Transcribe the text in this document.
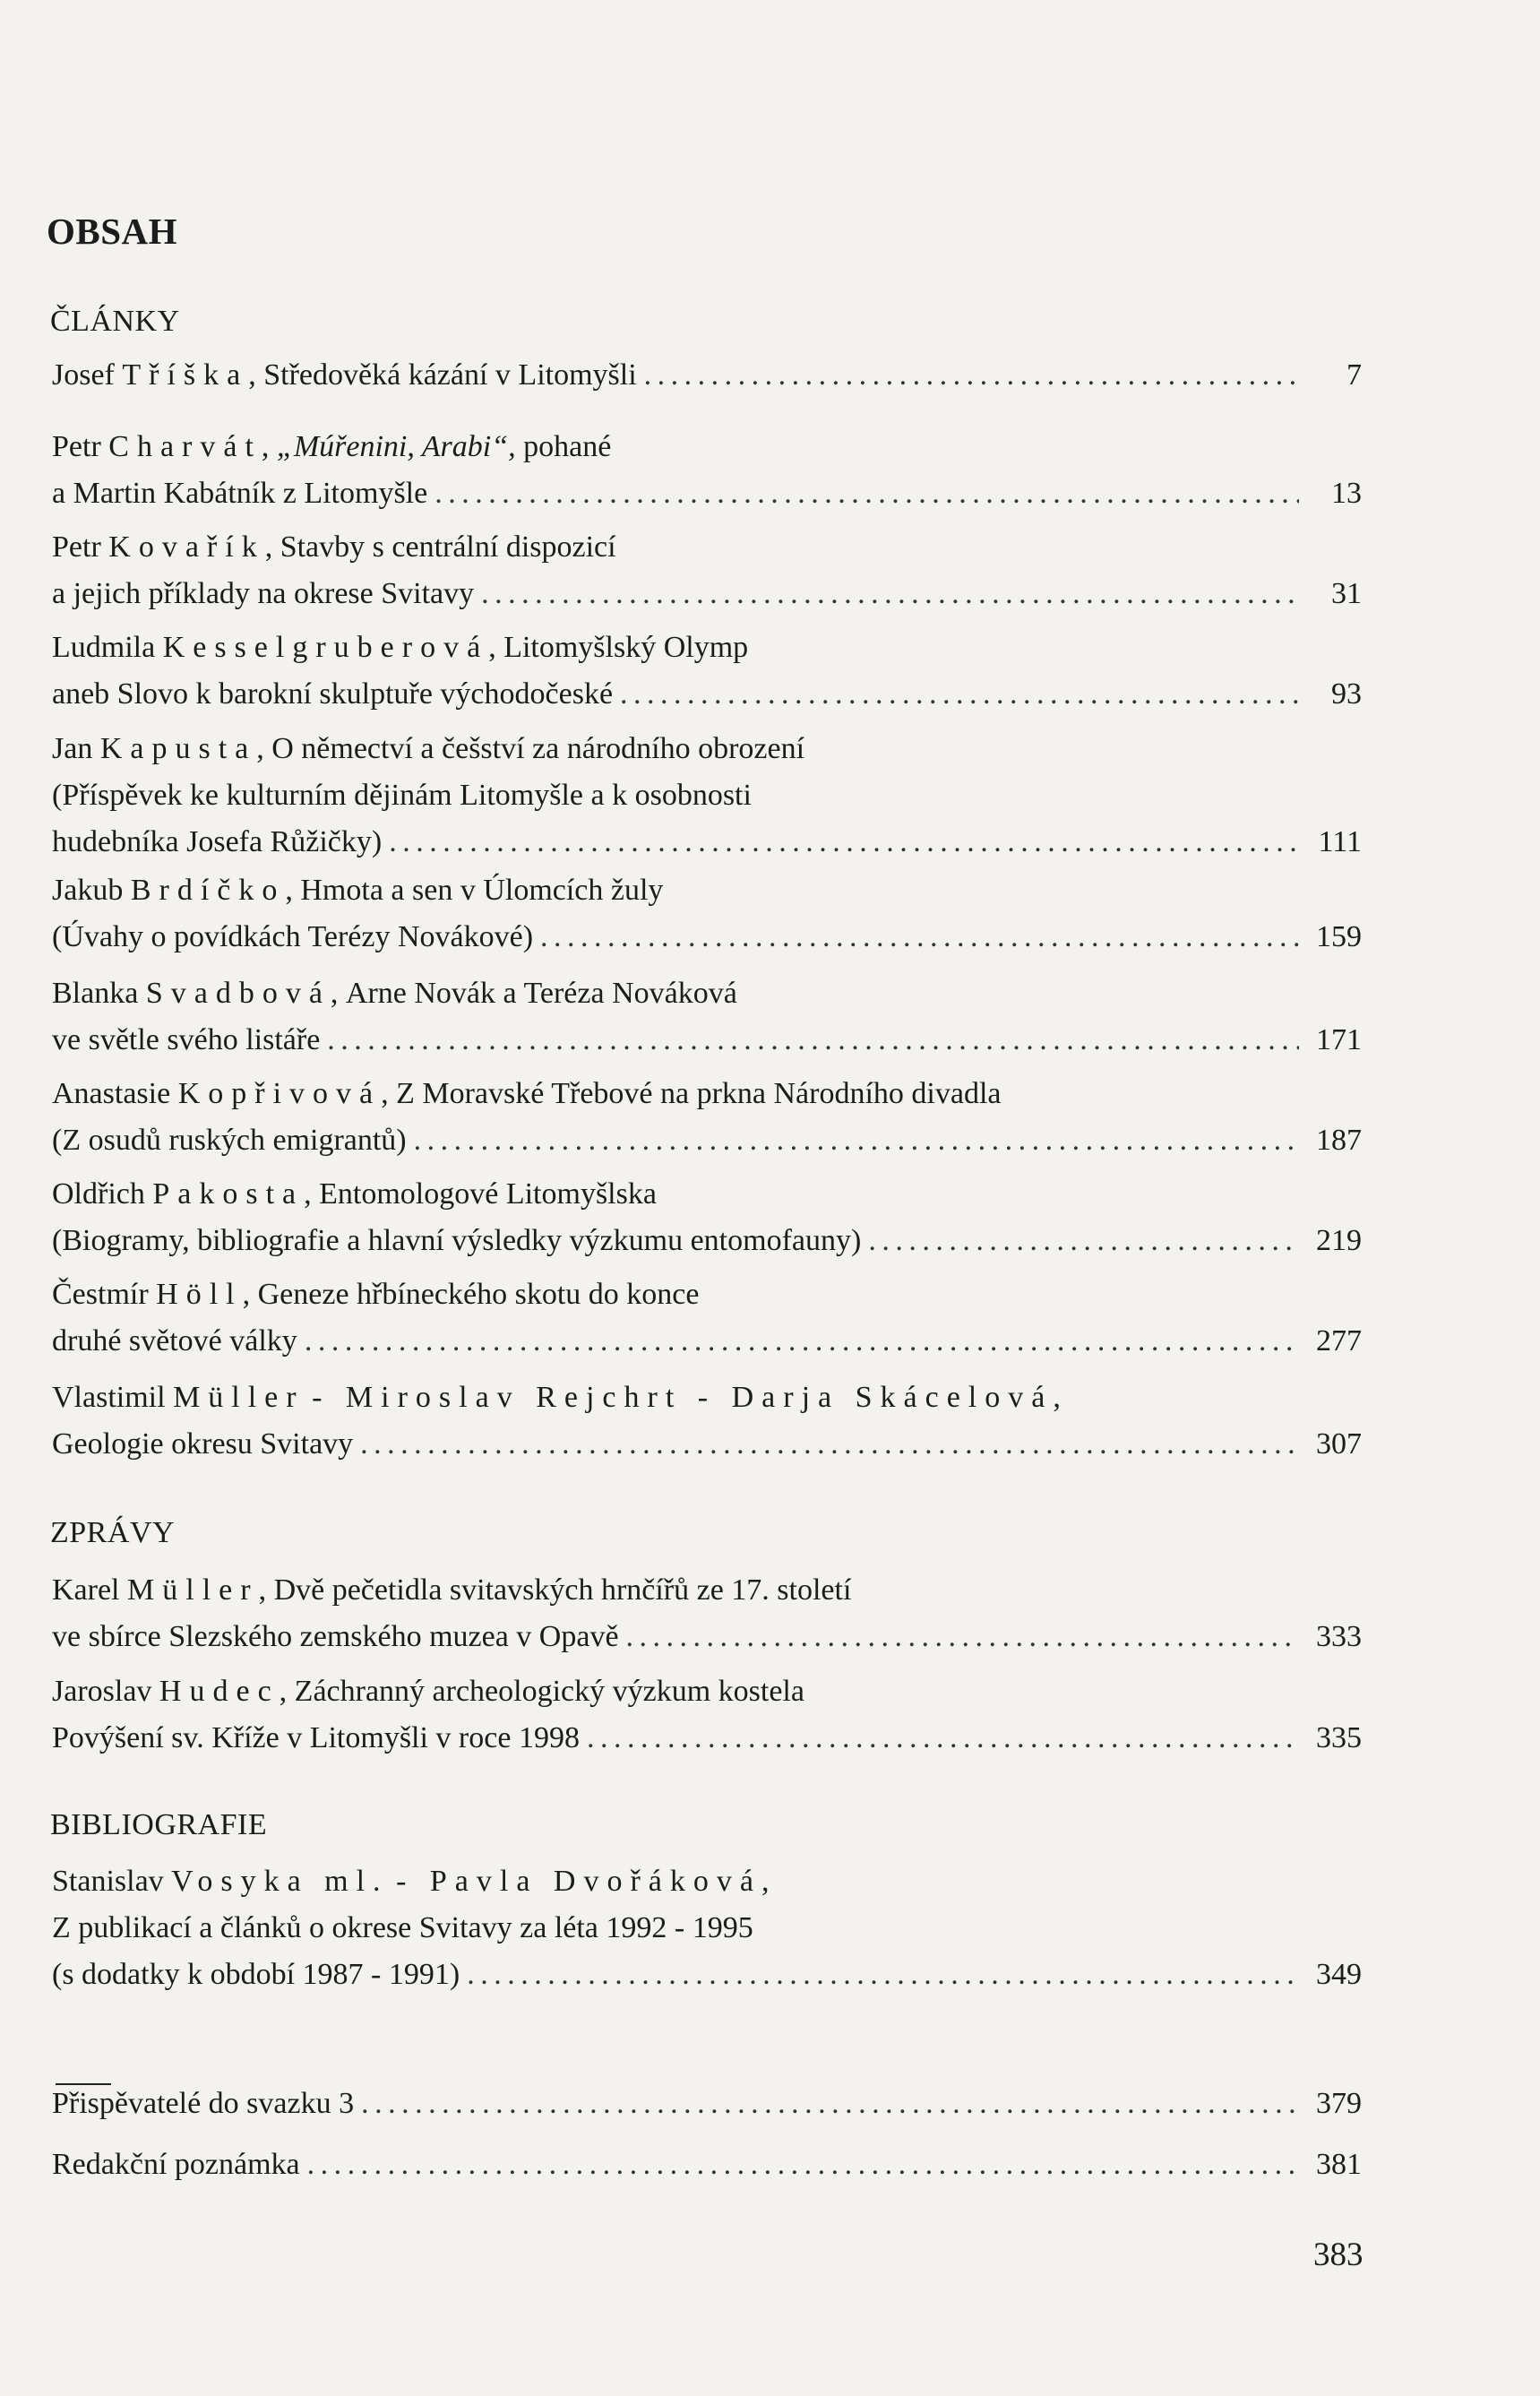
OBSAH
ČLÁNKY
Josef
Tříška , Středověká kázání v Litomyšli . . .	7
Petr Charvát, „Múřenini, Arabi“, pohané
a Martin Kabátník z Litomyšle . . .	13
Petr Kovařík, Stavby s centrální dispozicí
a jejich příklady na okrese Svitavy . . .	31
Ludmila Kesselgruberová, Litomyšlský Olymp
aneb Slovo k barokní skulptuře východočeské . . .	93
Jan Kapusta, O němectví a češství za národního obrození
(Příspěvek ke kulturním dějinám Litomyšle a k osobnosti
hudebníka Josefa Růžičky) . . .	111
Jakub Brdíčko, Hmota a sen v Úlomcích žuly
(Úvahy o povídkách Terézy Novákové) . . .	159
Blanka Svadbová, Arne Novák a Teréza Nováková
ve světle svého listáře . . .	171
Anastasie Kopřivová, Z Moravské Třebové na prkna Národního divadla
(Z osudů ruských emigrantů) . . .	187
Oldřich Pakosta, Entomologové Litomyšlska
(Biogramy, bibliografie a hlavní výsledky výzkumu entomofauny) . . .	219
Čestmír Höll, Geneze hřbíneckého skotu do konce
druhé světové války . . .	277
Vlastimil Müller - Miroslav Rejchrt - Darja Skácelová,
Geologie okresu Svitavy . . .	307
ZPRÁVY
Karel Müller, Dvě pečetidla svitavských hrnčířů ze 17. století
ve sbírce Slezského zemského muzea v Opavě . . .	333
Jaroslav Hudec, Záchranný archeologický výzkum kostela
Povýšení sv. Kříže v Litomyšli v roce 1998 . . .	335
BIBLIOGRAFIE
Stanislav Vosyka ml. - Pavla Dvořáková,
Z publikací a článků o okrese Svitavy za léta 1992 - 1995
(s dodatky k období 1987 - 1991) . . .	349
Přispěvatelé do svazku 3 . . .	379
Redakční poznámka . . .	381
383
